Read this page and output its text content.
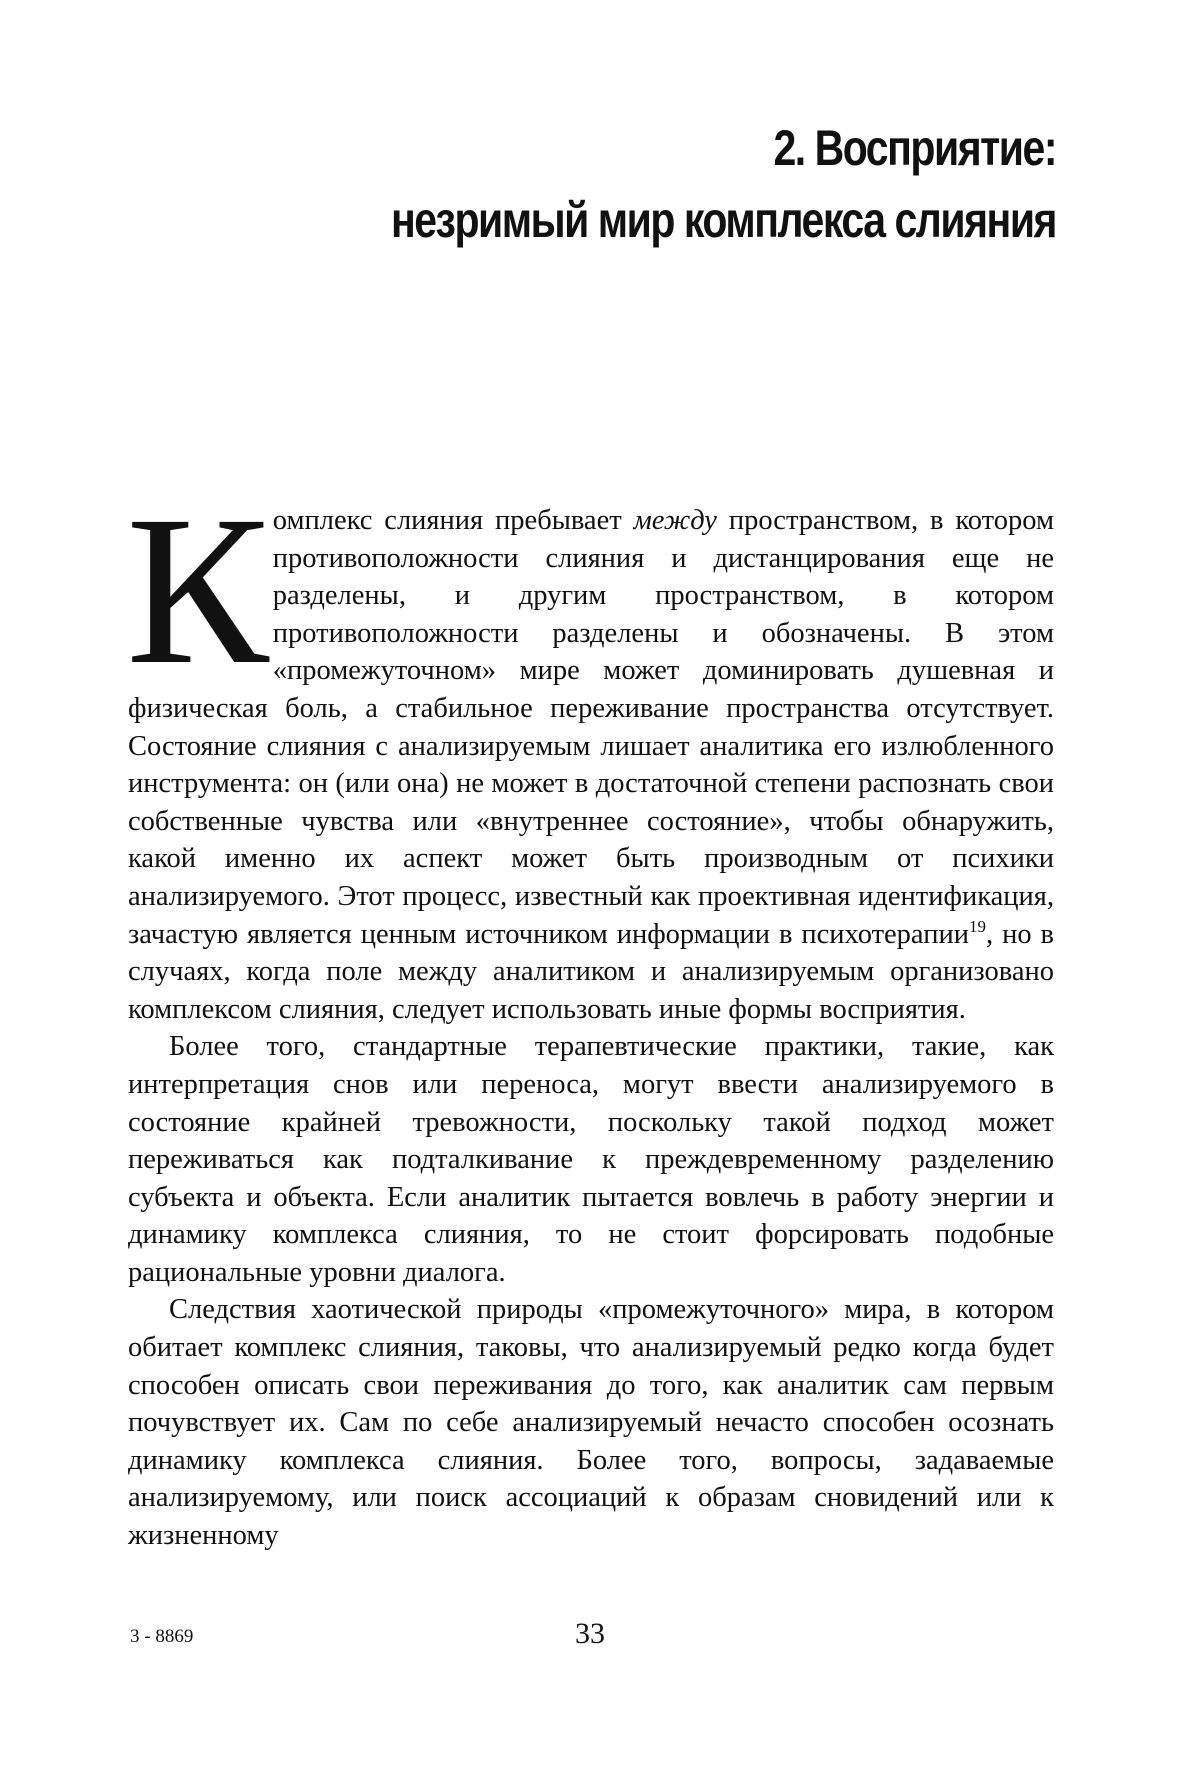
2. Восприятие:
незримый мир комплекса слияния

Комплекс слияния пребывает между пространством, в котором противоположности слияния и дистанцирования еще не разделены, и другим пространством, в котором противоположности разделены и обозначены. В этом «промежуточном» мире может доминировать душевная и физическая боль, а стабильное переживание пространства отсутствует. Состояние слияния с анализируемым лишает аналитика его излюбленного инструмента: он (или она) не может в достаточной степени распознать свои собственные чувства или «внутреннее состояние», чтобы обнаружить, какой именно их аспект может быть производным от психики анализируемого. Этот процесс, известный как проективная идентификация, зачастую является ценным источником информации в психотерапии$^{19}$, но в случаях, когда поле между аналитиком и анализируемым организовано комплексом слияния, следует использовать иные формы восприятия.

Более того, стандартные терапевтические практики, такие, как интерпретация снов или переноса, могут ввести анализируемого в состояние крайней тревожности, поскольку такой подход может переживаться как подталкивание к преждевременному разделению субъекта и объекта. Если аналитик пытается вовлечь в работу энергии и динамику комплекса слияния, то не стоит форсировать подобные рациональные уровни диалога.

Следствия хаотической природы «промежуточного» мира, в котором обитает комплекс слияния, таковы, что анализируемый редко когда будет способен описать свои переживания до того, как аналитик сам первым почувствует их. Сам по себе анализируемый нечасто способен осознать динамику комплекса слияния. Более того, вопросы, задаваемые анализируемому, или поиск ассоциаций к образам сновидений или к жизненному

3 - 8869	33
